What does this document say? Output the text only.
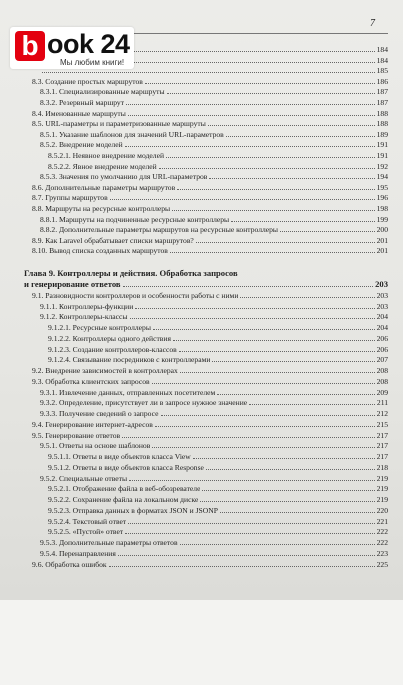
7
184
184
185
8.3. Создание простых маршрутов	186
8.3.1. Специализированные маршруты	187
8.3.2. Резервный маршрут	187
8.4. Именованные маршруты	188
8.5. URL-параметры и параметризованные маршруты	188
8.5.1. Указание шаблонов для значений URL-параметров	189
8.5.2. Внедрение моделей	191
8.5.2.1. Неявное внедрение моделей	191
8.5.2.2. Явное внедрение моделей	192
8.5.3. Значения по умолчанию для URL-параметров	194
8.6. Дополнительные параметры маршрутов	195
8.7. Группы маршрутов	196
8.8. Маршруты на ресурсные контроллеры	198
8.8.1. Маршруты на подчиненные ресурсные контроллеры	199
8.8.2. Дополнительные параметры маршрутов на ресурсные контроллеры	200
8.9. Как Laravel обрабатывает списки маршрутов?	201
8.10. Вывод списка созданных маршрутов	201
Глава 9. Контроллеры и действия. Обработка запросов
и генерирование ответов	203
9.1. Разновидности контроллеров и особенности работы с ними	203
9.1.1. Контроллеры-функции	203
9.1.2. Контроллеры-классы	204
9.1.2.1. Ресурсные контроллеры	204
9.1.2.2. Контроллеры одного действия	206
9.1.2.3. Создание контроллеров-классов	206
9.1.2.4. Связывание посредников с контроллерами	207
9.2. Внедрение зависимостей в контроллерах	208
9.3. Обработка клиентских запросов	208
9.3.1. Извлечение данных, отправленных посетителем	209
9.3.2. Определение, присутствует ли в запросе нужное значение	211
9.3.3. Получение сведений о запросе	212
9.4. Генерирование интернет-адресов	215
9.5. Генерирование ответов	217
9.5.1. Ответы на основе шаблонов	217
9.5.1.1. Ответы в виде объектов класса View	217
9.5.1.2. Ответы в виде объектов класса Response	218
9.5.2. Специальные ответы	219
9.5.2.1. Отображение файла в веб-обозревателе	219
9.5.2.2. Сохранение файла на локальном диске	219
9.5.2.3. Отправка данных в форматах JSON и JSONP	220
9.5.2.4. Текстовый ответ	221
9.5.2.5. «Пустой» ответ	222
9.5.3. Дополнительные параметры ответов	222
9.5.4. Перенаправления	223
9.6. Обработка ошибок	225
b ook 24
Мы любим книги!
